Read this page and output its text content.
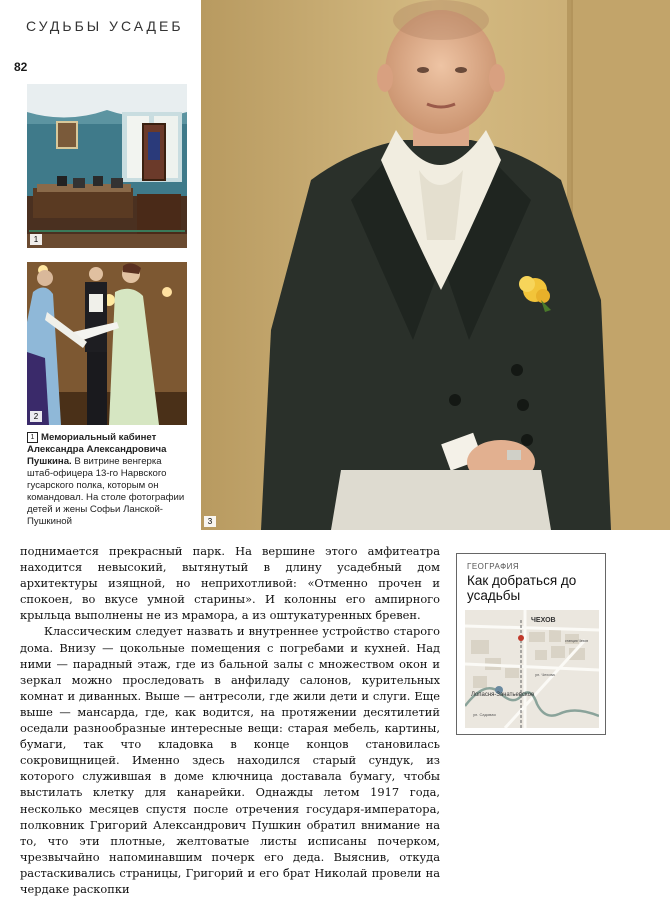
СУДЬБЫ УСАДЕБ
82
1
2
1 Мемориальный кабинет Александра Александровича Пушкина. В витрине венгерка штаб-офицера 13-го Нарвского гусарского полка, которым он командовал. На столе фотографии детей и жены Софьи Ланской-Пушкиной	3

поднимается прекрасный парк. На вершине этого амфитеатра находится невысокий, вытянутый в длину усадебный дом архитектуры изящной, но неприхотливой: «Отменно прочен и спокоен, во вкусе умной старины». И колонны его ампирного крыльца выполнены не из мрамора, а из оштукатуренных бревен.

Классическим следует назвать и внутреннее устройство старого дома. Внизу — цокольные помещения с погребами и кухней. Над ними — парадный этаж, где из бальной залы с множеством окон и зеркал можно проследовать в анфиладу салонов, курительных комнат и диванных. Выше — антресоли, где жили дети и слуги. Еще выше — мансарда, где, как водится, на протяжении десятилетий оседали разнообразные интересные вещи: старая мебель, картины, бумаги, так что кладовка в конце концов становилась сокровищницей. Именно здесь находился старый сундук, из которого служившая в доме ключница доставала бумагу, чтобы выстилать клетку для канарейки. Однажды летом 1917 года, несколько месяцев спустя после отречения государя-императора, полковник Григорий Александрович Пушкин обратил внимание на то, что эти плотные, желтоватые листы исписаны почерком, чрезвычайно напоминавшим почерк его деда. Выяснив, откуда растаскивались страницы, Григорий и его брат Николай провели на чердаке раскопки

ГЕОГРАФИЯ
Как добраться до усадьбы
ЧЕХОВ
Лопасня-Зачатьевское
станция Чехов
ул. Чехова
ул. Садовая
